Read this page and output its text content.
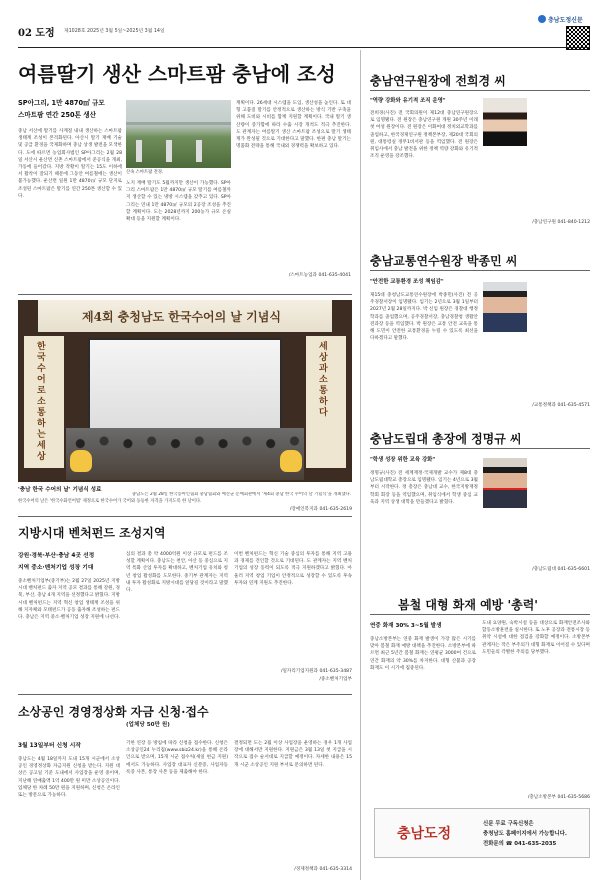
02 도정 제1028호 2025년 3월 5일~2025년 3월 14일
충남도정신문
여름딸기 생산 스마트팜 충남에 조성
SP아그리, 1만 4870㎡ 규모
스마트팜 연간 250톤 생산
충남 서산에 딸기를 사계절 내내 생산하는 스마트팜 생태계 조성이 본격화된다. 아산시 딸기 재배 기술 및 공급 환경을 국제화하며 충남 상생 발전을 모색한다. 도에 따르면 농업회사법인 SP아그리는 2월 28일 서산시 운산면 신촌 스마트팜에서 준공식을 개최, 가동에 들어갔다. 지방 작황이 딸기는 15도 이하에서 활착이 잘되기 때문에 그동안 여름철에는 생산이 불가능했다. 운산면 일원 1만 4870㎡ 규모 단지로 조성된 스마트팜은 딸기를 연간 250톤 생산할 수 있다.
산속 스마트팜 전경.
노지 재배 딸기도 5월까지만 생산이 가능했다. SP아그리 스마트팜은 1만 4870㎡ 규모 딸기를 여름철까지 생산할 수 있는 냉방 시스템을 갖추고 있다. SP아그리는 연내 1만 4870㎡ 규모의 2공장 조성을 추진할 계획이다. 도는 2028년까지 200농가 규모 온실 확대 등을 지원할 계획이다.
계획이다. 26세대 시스템을 도입, 생산성을 높인다. 또 대형 고품질 딸기를 안정적으로 생산하는 방식 기반 구축을 위해 도비와 시비를 함께 지원할 계획이다. 국내 딸기 생산량이 증가함에 따라 수출 시장 개척도 적극 추진한다. 도 관계자는 여름딸기 생산 스마트팜 조성으로 딸기 생태계가 완성될 것으로 기대한다고 말했다. 한편 충남 딸기는 명품화 전략을 통해 국내외 경쟁력을 확보하고 있다.
/스마트농업과 041-635-4041
제4회 충청남도 한국수어의 날 기념식
한국수어로 소통하는 세상
세상과 소통하다
'충남 한국 수어의 날' 기념식 성료
충남도는 2월 28일 한국농아인협회 충남협회와 예산군 문예회관에서 '제4회 충남 한국 수어의 날 기념식'을 개최했다. 한국수어의 날은 '한국수화언어법' 제정으로 한국수어가 국어와 동등한 자격을 가지도록 한 날이다.
/장애인복지과 041-635-2619
지방시대 벤처펀드 조성지역
강원·경북·부산·충남 4곳 선정
지역 중소·벤처기업 성장 기대
중소벤처기업부(중기부)는 2월 27일 2025년 지방시대 벤처펀드 출자 지역 공모 결과를 통해 강원, 경북, 부산, 충남 4개 지역을 선정했다고 밝혔다. 지방시대 벤처펀드는 지역 혁신 창업 생태계 조성을 위해 지자체와 모태펀드가 공동 출자해 조성하는 펀드다. 충남은 지역 중소·벤처기업 성장 지원에 나선다.
심의 결과 총 약 4000억원 이상 규모로 펀드를 조성할 계획이다. 충남도는 천안, 아산 등 중심으로 지역 특화 산업 투자를 확대하고, 벤처기업 유치와 청년 창업 활성화를 도모한다. 중기부 관계자는 지역 내 투자 활성화로 지방시대를 앞당길 것이라고 말했다.
이번 벤처펀드는 혁신 기술 중심의 투자를 통해 지역 고용과 경제를 견인할 것으로 기대된다. 도 관계자는 지역 벤처기업의 성장 동력이 되도록 적극 지원하겠다고 밝혔다. 아울러 지역 창업 기업이 안정적으로 성장할 수 있도록 후속 투자와 연계 지원도 추진한다.
/일자리기업지원과 041-635-3487
/중소벤처기업부
소상공인 경영정상화 자금 신청·접수
(업체당 50만 원)
3월 13일부터 신청 시작
충남도는 4월 18일까지 도내 15개 시군에서 소상공인 경영정상화 자금지원 신청을 받는다. 지원 대상은 공고일 기준 도내에서 사업장을 운영 중이며, 지난해 연매출액 1억 400만 원 미만 소상공인이다. 업체당 한 차례 50만 원을 지원하며, 신청은 온라인 또는 방문으로 가능하다.
기한 연장 등 방침에 따라 신청을 접수한다. 신청은 소상공인24 누리집(www.sbiz24.kr)을 통해 온라인으로 받으며, 15개 시군 접수처(새일 현금 지원)에서도 가능하다. 사업장 대표자 신분증, 사업자등록증 사본, 통장 사본 등을 제출해야 한다.
결정되면 도는 2월 이상 사업장을 운영하는 경우 1개 사업장에 대해서만 지원한다. 지원금은 3월 13일 첫 지급을 시작으로 접수 순서대로 지급할 예정이다. 자세한 내용은 15개 시군 소상공인 지원 부서로 문의하면 된다.
/경제정책과 041-635-3314
충남연구원장에 전희경 씨
"역량 강화와 유기적 조직 운영"
전희경(사진) 전 국회의원이 제12대 충남연구원장으로 임명됐다. 전 원장은 충남연구원 개원 30주년 이래 첫 여성 원장이다. 전 원장은 이화여대 정치외교학과를 졸업하고, 한국경제연구원 정책본부장, 제20대 국회의원, 대통령실 정무1비서관 등을 역임했다. 전 원장은 취임사에서 충남 발전을 위한 정책 역량 강화와 유기적 조직 운영을 강조했다.
/충남연구원 041-840-1212
충남교통연수원장 박종민 씨
"안전한 교통환경 조성 책임감"
제15대 충청남도교통연수원장에 박종민(사진) 전 공주경찰서장이 임명됐다. 임기는 2년으로 3월 1일부터 2027년 2월 28일까지다. 박 신임 원장은 경찰대 행정학과를 졸업했으며, 공주경찰서장, 충남경찰청 생활안전과장 등을 역임했다. 박 원장은 교통 안전 교육을 통해 도민이 안전한 교통환경을 누릴 수 있도록 최선을 다하겠다고 말했다.
/교통정책과 041-635-4571
충남도립대 총장에 정명규 씨
"학생 성장 위한 교육 강화"
정명규(사진) 전 세계재정·국제개발 교수가 제8대 충남도립대학교 총장으로 임명됐다. 임기는 4년으로 3월부터 시작한다. 정 총장은 충남대 교수, 한국지방재정학회 회장 등을 역임했으며, 취임식에서 학생 중심 교육과 지역 상생 대학을 만들겠다고 밝혔다.
/충남도립대 041-635-6601
봄철 대형 화재 예방 '총력'
연중 화재 30% 3~5월 발생
충남소방본부는 연중 화재 발생이 가장 많은 시기를 맞아 봄철 화재 예방 대책을 추진한다. 소방본부에 따르면 최근 5년간 봄철 화재는 연평균 3000여 건으로 연간 화재의 약 30%를 차지한다. 대형 산불과 공장 화재도 이 시기에 집중된다.
도내 요양원, 숙박시설 등을 대상으로 화재안전조사와 합동소방훈련을 실시한다. 또 노후 공장과 전통시장 등 취약 시설에 대한 점검을 강화할 예정이다. 소방본부 관계자는 작은 부주의가 대형 화재로 이어질 수 있다며 도민들의 각별한 주의를 당부했다.
/충남소방본부 041-635-5686
충남도정
신문 무료 구독신청은
충청남도 홈페이지에서 가능합니다.
전화문의 ☎ 041-635-2035
